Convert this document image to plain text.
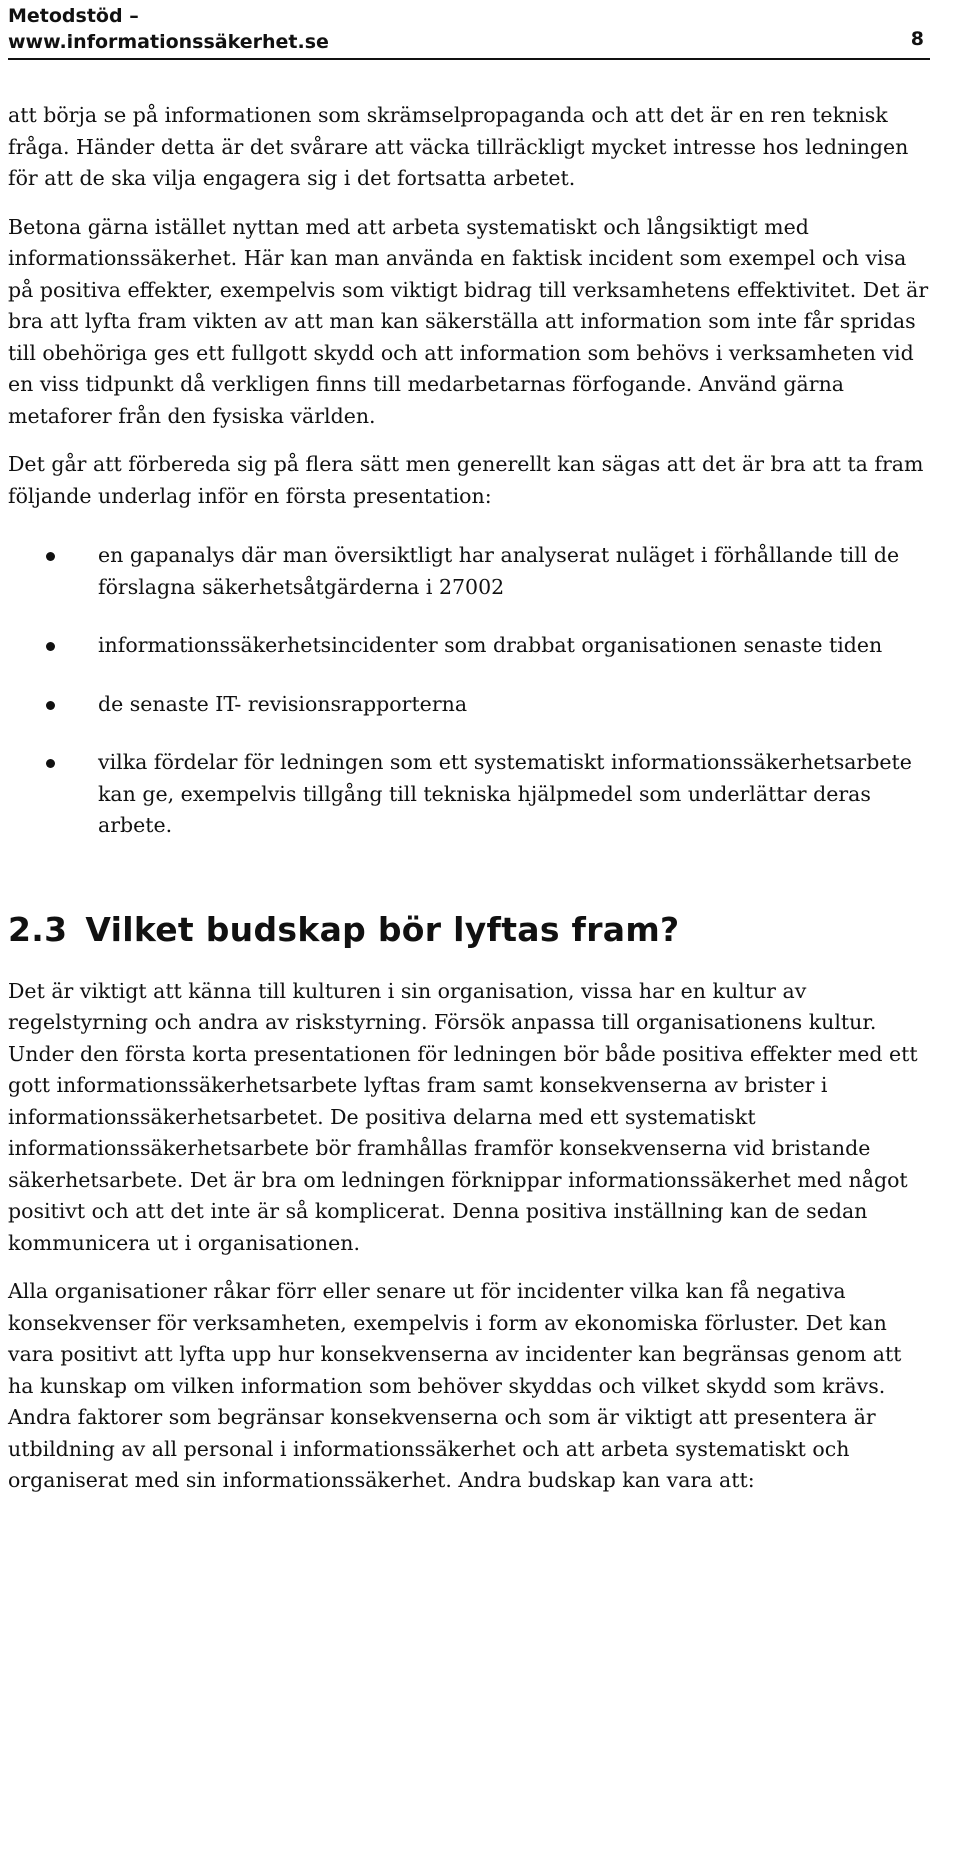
Metodstöd –
www.informationssäkerhet.se	8

att börja se på informationen som skrämselpropaganda och att det är en ren teknisk fråga. Händer detta är det svårare att väcka tillräckligt mycket intresse hos ledningen för att de ska vilja engagera sig i det fortsatta arbetet.

Betona gärna istället nyttan med att arbeta systematiskt och långsiktigt med informationssäkerhet. Här kan man använda en faktisk incident som exempel och visa på positiva effekter, exempelvis som viktigt bidrag till verksamhetens effektivitet. Det är bra att lyfta fram vikten av att man kan säkerställa att information som inte får spridas till obehöriga ges ett fullgott skydd och att information som behövs i verksamheten vid en viss tidpunkt då verkligen finns till medarbetarnas förfogande. Använd gärna metaforer från den fysiska världen.

Det går att förbereda sig på flera sätt men generellt kan sägas att det är bra att ta fram följande underlag inför en första presentation:

en gapanalys där man översiktligt har analyserat nuläget i förhållande till de förslagna säkerhetsåtgärderna i 27002
informationssäkerhetsincidenter som drabbat organisationen senaste tiden
de senaste IT- revisionsrapporterna
vilka fördelar för ledningen som ett systematiskt informationssäkerhetsarbete kan ge, exempelvis tillgång till tekniska hjälpmedel som underlättar deras arbete.
2.3 Vilket budskap bör lyftas fram?

Det är viktigt att känna till kulturen i sin organisation, vissa har en kultur av regelstyrning och andra av riskstyrning. Försök anpassa till organisationens kultur. Under den första korta presentationen för ledningen bör både positiva effekter med ett gott informationssäkerhetsarbete lyftas fram samt konsekvenserna av brister i informationssäkerhetsarbetet. De positiva delarna med ett systematiskt informationssäkerhetsarbete bör framhållas framför konsekvenserna vid bristande säkerhetsarbete. Det är bra om ledningen förknippar informationssäkerhet med något positivt och att det inte är så komplicerat. Denna positiva inställning kan de sedan kommunicera ut i organisationen.

Alla organisationer råkar förr eller senare ut för incidenter vilka kan få negativa konsekvenser för verksamheten, exempelvis i form av ekonomiska förluster. Det kan vara positivt att lyfta upp hur konsekvenserna av incidenter kan begränsas genom att ha kunskap om vilken information som behöver skyddas och vilket skydd som krävs. Andra faktorer som begränsar konsekvenserna och som är viktigt att presentera är utbildning av all personal i informationssäkerhet och att arbeta systematiskt och organiserat med sin informationssäkerhet. Andra budskap kan vara att:
